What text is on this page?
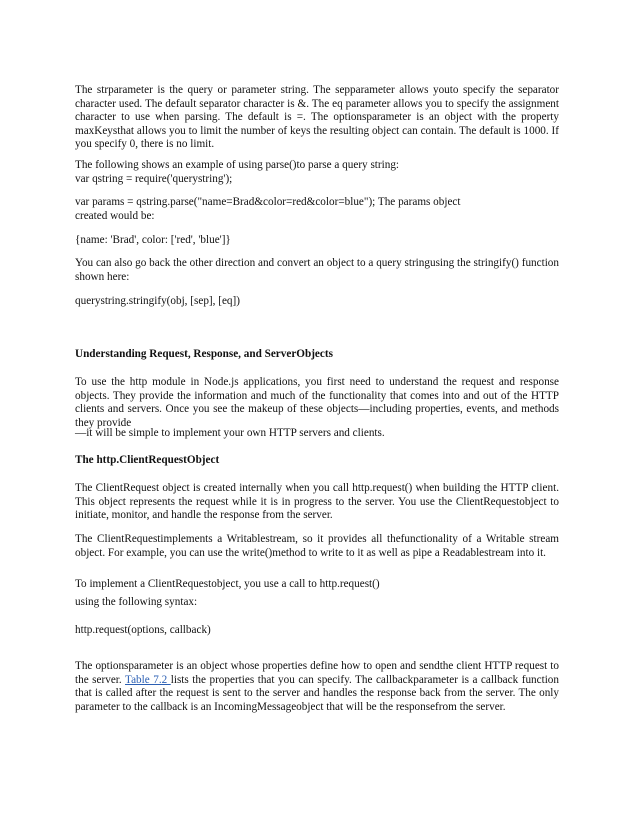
The strparameter is the query or parameter string. The sepparameter allows youto specify the separator character used. The default separator character is &. The eq parameter allows you to specify the assignment character to use when parsing. The default is =. The optionsparameter is an object with the property maxKeysthat allows you to limit the number of keys the resulting object can contain. The default is 1000. If you specify 0, there is no limit.

The following shows an example of using parse()to parse a query string:

var qstring = require('querystring');

var params = qstring.parse("name=Brad&color=red&color=blue"); The params object

created would be:

{name: 'Brad', color: ['red', 'blue']}

You can also go back the other direction and convert an object to a query stringusing the stringify() function shown here:

querystring.stringify(obj, [sep], [eq])

Understanding Request, Response, and ServerObjects

To use the http module in Node.js applications, you first need to understand the request and response objects. They provide the information and much of the functionality that comes into and out of the HTTP clients and servers. Once you see the makeup of these objects—including properties, events, and methods they provide

—it will be simple to implement your own HTTP servers and clients.

The http.ClientRequestObject

The ClientRequest object is created internally when you call http.request() when building the HTTP client. This object represents the request while it is in progress to the server. You use the ClientRequestobject to initiate, monitor, and handle the response from the server.

The ClientRequestimplements a Writablestream, so it provides all thefunctionality of a Writable stream object. For example, you can use the write()method to write to it as well as pipe a Readablestream into it.

To implement a ClientRequestobject, you use a call to http.request()

using the following syntax:

http.request(options, callback)

The optionsparameter is an object whose properties define how to open and sendthe client HTTP request to the server. Table 7.2 lists the properties that you can specify. The callbackparameter is a callback function that is called after the request is sent to the server and handles the response back from the server. The only parameter to the callback is an IncomingMessageobject that will be the responsefrom the server.
